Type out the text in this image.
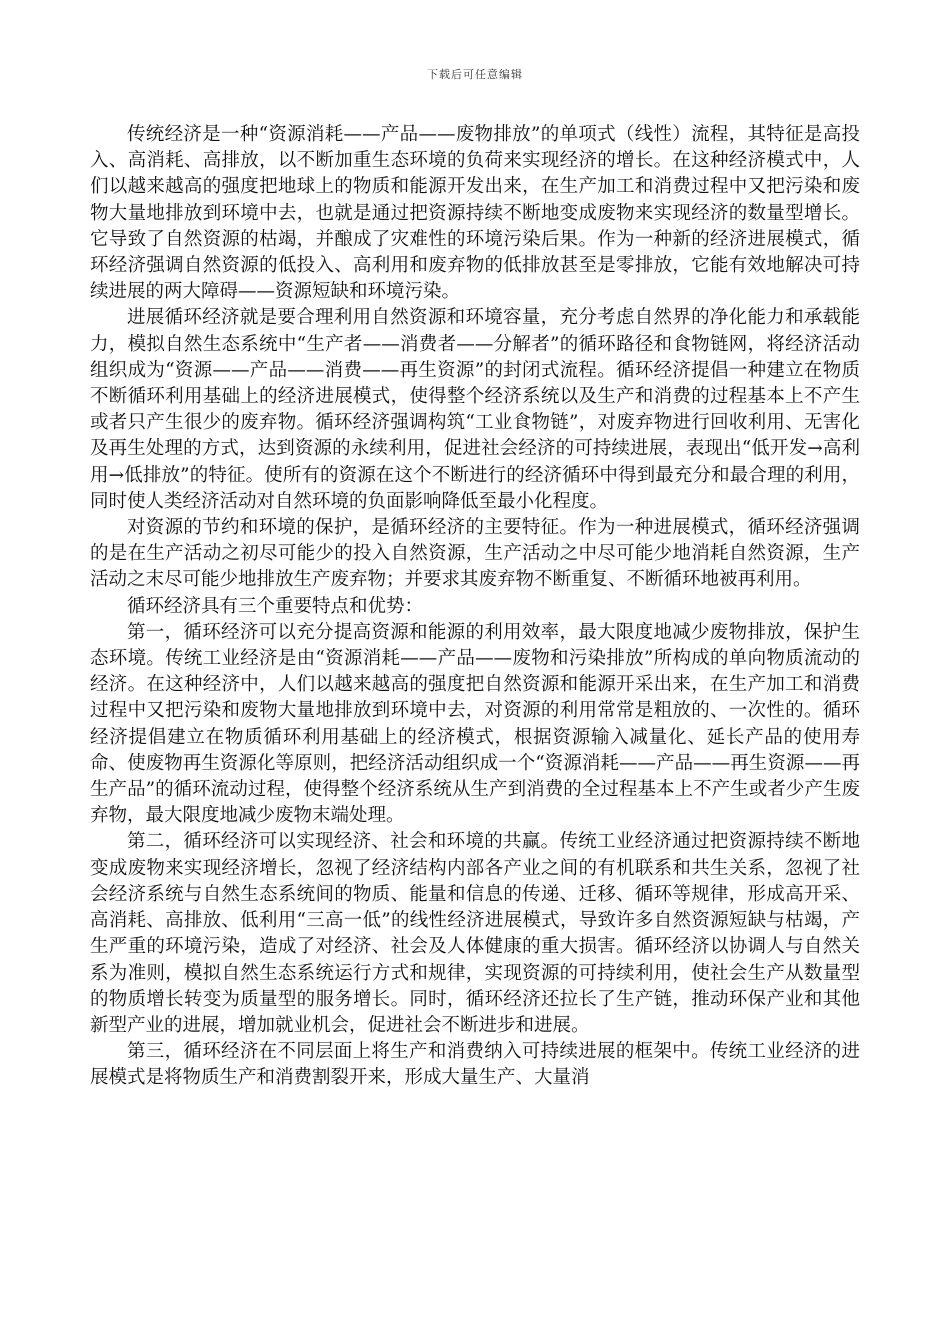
下载后可任意编辑

传统经济是一种“资源消耗——产品——废物排放”的单项式（线性）流程，其特征是高投入、高消耗、高排放，以不断加重生态环境的负荷来实现经济的增长。在这种经济模式中，人们以越来越高的强度把地球上的物质和能源开发出来，在生产加工和消费过程中又把污染和废物大量地排放到环境中去，也就是通过把资源持续不断地变成废物来实现经济的数量型增长。它导致了自然资源的枯竭，并酿成了灾难性的环境污染后果。作为一种新的经济进展模式，循环经济强调自然资源的低投入、高利用和废弃物的低排放甚至是零排放，它能有效地解决可持续进展的两大障碍——资源短缺和环境污染。

进展循环经济就是要合理利用自然资源和环境容量，充分考虑自然界的净化能力和承载能力，模拟自然生态系统中“生产者——消费者——分解者”的循环路径和食物链网，将经济活动组织成为“资源——产品——消费——再生资源”的封闭式流程。循环经济提倡一种建立在物质不断循环利用基础上的经济进展模式，使得整个经济系统以及生产和消费的过程基本上不产生或者只产生很少的废弃物。循环经济强调构筑“工业食物链”，对废弃物进行回收利用、无害化及再生处理的方式，达到资源的永续利用，促进社会经济的可持续进展，表现出“低开发→高利用→低排放”的特征。使所有的资源在这个不断进行的经济循环中得到最充分和最合理的利用，同时使人类经济活动对自然环境的负面影响降低至最小化程度。

对资源的节约和环境的保护，是循环经济的主要特征。作为一种进展模式，循环经济强调的是在生产活动之初尽可能少的投入自然资源，生产活动之中尽可能少地消耗自然资源，生产活动之末尽可能少地排放生产废弃物；并要求其废弃物不断重复、不断循环地被再利用。

循环经济具有三个重要特点和优势：

第一，循环经济可以充分提高资源和能源的利用效率，最大限度地减少废物排放，保护生态环境。传统工业经济是由“资源消耗——产品——废物和污染排放”所构成的单向物质流动的经济。在这种经济中，人们以越来越高的强度把自然资源和能源开采出来，在生产加工和消费过程中又把污染和废物大量地排放到环境中去，对资源的利用常常是粗放的、一次性的。循环经济提倡建立在物质循环利用基础上的经济模式，根据资源输入减量化、延长产品的使用寿命、使废物再生资源化等原则，把经济活动组织成一个“资源消耗——产品——再生资源——再生产品”的循环流动过程，使得整个经济系统从生产到消费的全过程基本上不产生或者少产生废弃物，最大限度地减少废物末端处理。

第二，循环经济可以实现经济、社会和环境的共赢。传统工业经济通过把资源持续不断地变成废物来实现经济增长，忽视了经济结构内部各产业之间的有机联系和共生关系，忽视了社会经济系统与自然生态系统间的物质、能量和信息的传递、迁移、循环等规律，形成高开采、高消耗、高排放、低利用“三高一低”的线性经济进展模式，导致许多自然资源短缺与枯竭，产生严重的环境污染，造成了对经济、社会及人体健康的重大损害。循环经济以协调人与自然关系为准则，模拟自然生态系统运行方式和规律，实现资源的可持续利用，使社会生产从数量型的物质增长转变为质量型的服务增长。同时，循环经济还拉长了生产链，推动环保产业和其他新型产业的进展，增加就业机会，促进社会不断进步和进展。

第三，循环经济在不同层面上将生产和消费纳入可持续进展的框架中。传统工业经济的进展模式是将物质生产和消费割裂开来，形成大量生产、大量消
